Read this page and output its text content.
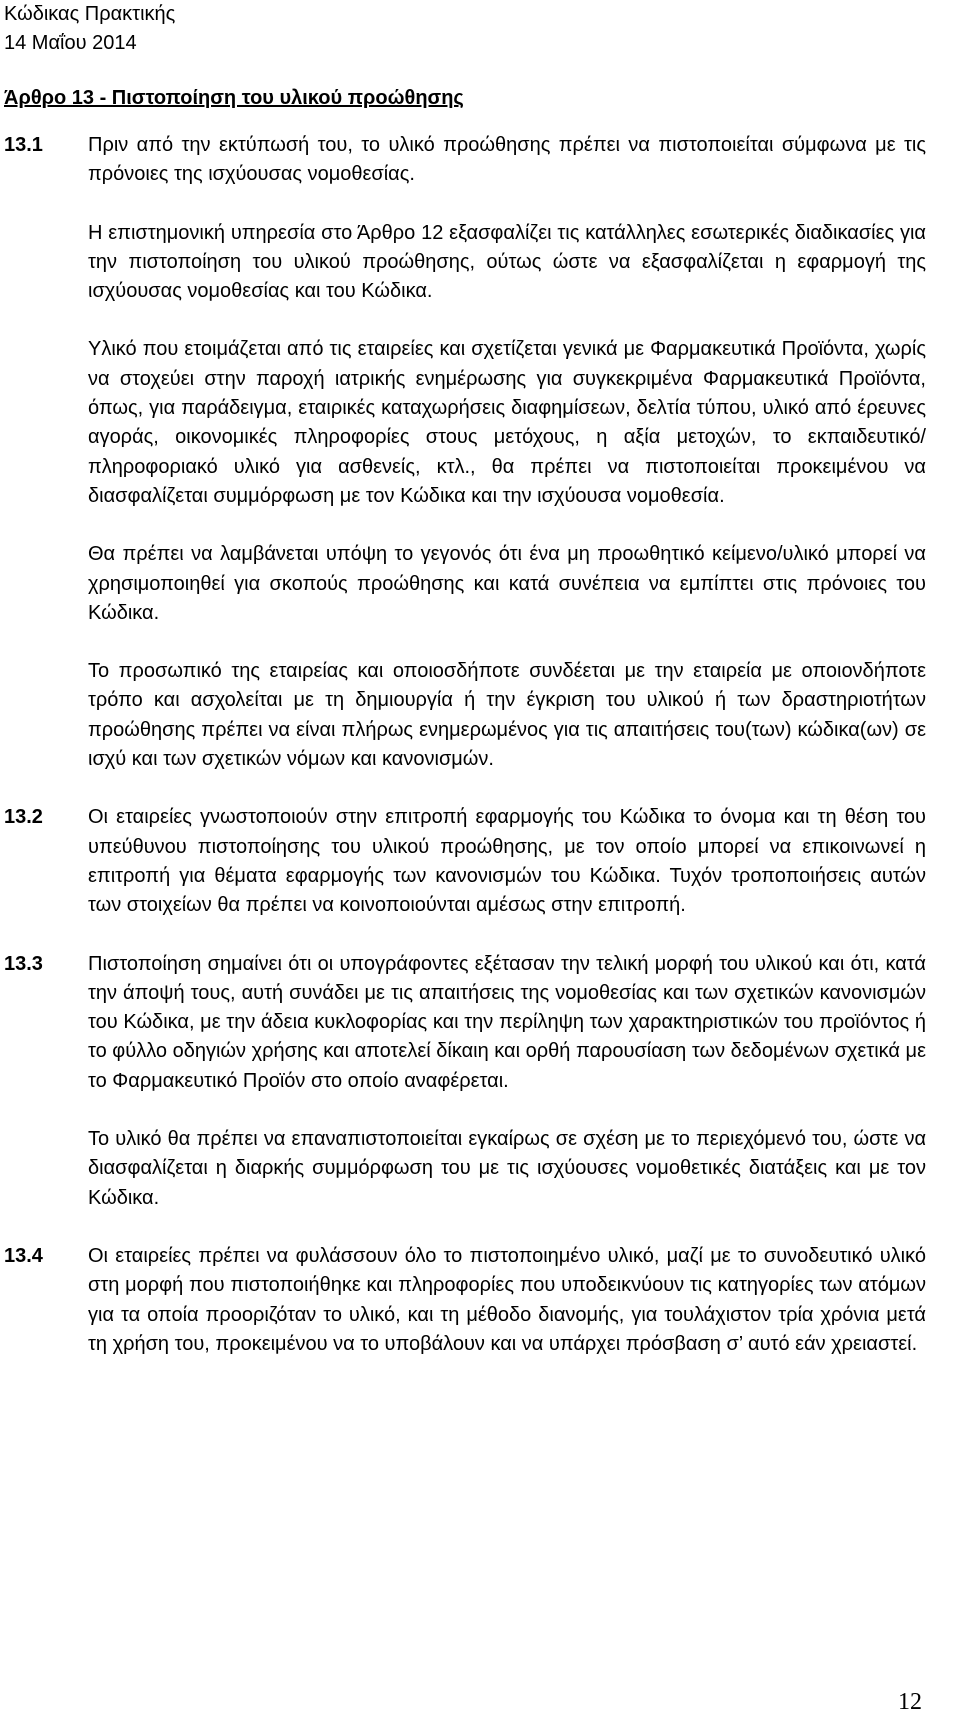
Κώδικας Πρακτικής
14 Μαΐου 2014
Άρθρο 13 - Πιστοποίηση του υλικού προώθησης
13.1	Πριν από την εκτύπωσή του, το υλικό προώθησης πρέπει να πιστοποιείται σύμφωνα με τις πρόνοιες της ισχύουσας νομοθεσίας.

Η επιστημονική υπηρεσία στο Άρθρο 12 εξασφαλίζει τις κατάλληλες εσωτερικές διαδικασίες για την πιστοποίηση του υλικού προώθησης, ούτως ώστε να εξασφαλίζεται η εφαρμογή της ισχύουσας νομοθεσίας και του Κώδικα.

Υλικό που ετοιμάζεται από τις εταιρείες και σχετίζεται γενικά με Φαρμακευτικά Προϊόντα, χωρίς να στοχεύει στην παροχή ιατρικής ενημέρωσης για συγκεκριμένα Φαρμακευτικά Προϊόντα, όπως, για παράδειγμα, εταιρικές καταχωρήσεις διαφημίσεων, δελτία τύπου, υλικό από έρευνες αγοράς, οικονομικές πληροφορίες στους μετόχους, η αξία μετοχών, το εκπαιδευτικό/πληροφοριακό υλικό για ασθενείς, κτλ., θα πρέπει να πιστοποιείται προκειμένου να διασφαλίζεται συμμόρφωση με τον Κώδικα και την ισχύουσα νομοθεσία.

Θα πρέπει να λαμβάνεται υπόψη το γεγονός ότι ένα μη προωθητικό κείμενο/υλικό μπορεί να χρησιμοποιηθεί για σκοπούς προώθησης και κατά συνέπεια να εμπίπτει στις πρόνοιες του Κώδικα.

Το προσωπικό της εταιρείας και οποιοσδήποτε συνδέεται με την εταιρεία με οποιονδήποτε τρόπο και ασχολείται με τη δημιουργία ή την έγκριση του υλικού ή των δραστηριοτήτων προώθησης πρέπει να είναι πλήρως ενημερωμένος για τις απαιτήσεις του(των) κώδικα(ων) σε ισχύ και των σχετικών νόμων και κανονισμών.

13.2	Οι εταιρείες γνωστοποιούν στην επιτροπή εφαρμογής του Κώδικα το όνομα και τη θέση του υπεύθυνου πιστοποίησης του υλικού προώθησης, με τον οποίο μπορεί να επικοινωνεί η επιτροπή για θέματα εφαρμογής των κανονισμών του Κώδικα. Τυχόν τροποποιήσεις αυτών των στοιχείων θα πρέπει να κοινοποιούνται αμέσως στην επιτροπή.

13.3	Πιστοποίηση σημαίνει ότι οι υπογράφοντες εξέτασαν την τελική μορφή του υλικού και ότι, κατά την άποψή τους, αυτή συνάδει με τις απαιτήσεις της νομοθεσίας και των σχετικών κανονισμών του Κώδικα, με την άδεια κυκλοφορίας και την περίληψη των χαρακτηριστικών του προϊόντος ή το φύλλο οδηγιών χρήσης και αποτελεί δίκαιη και ορθή παρουσίαση των δεδομένων σχετικά με το Φαρμακευτικό Προϊόν στο οποίο αναφέρεται.

Το υλικό θα πρέπει να επαναπιστοποιείται εγκαίρως σε σχέση με το περιεχόμενό του, ώστε να διασφαλίζεται η διαρκής συμμόρφωση του με τις ισχύουσες νομοθετικές διατάξεις και με τον Κώδικα.

13.4	Οι εταιρείες πρέπει να φυλάσσουν όλο το πιστοποιημένο υλικό, μαζί με το συνοδευτικό υλικό στη μορφή που πιστοποιήθηκε και πληροφορίες που υποδεικνύουν τις κατηγορίες των ατόμων για τα οποία προοριζόταν το υλικό, και τη μέθοδο διανομής, για τουλάχιστον τρία χρόνια μετά τη χρήση του, προκειμένου να το υποβάλουν και να υπάρχει πρόσβαση σ’ αυτό εάν χρειαστεί.

12
